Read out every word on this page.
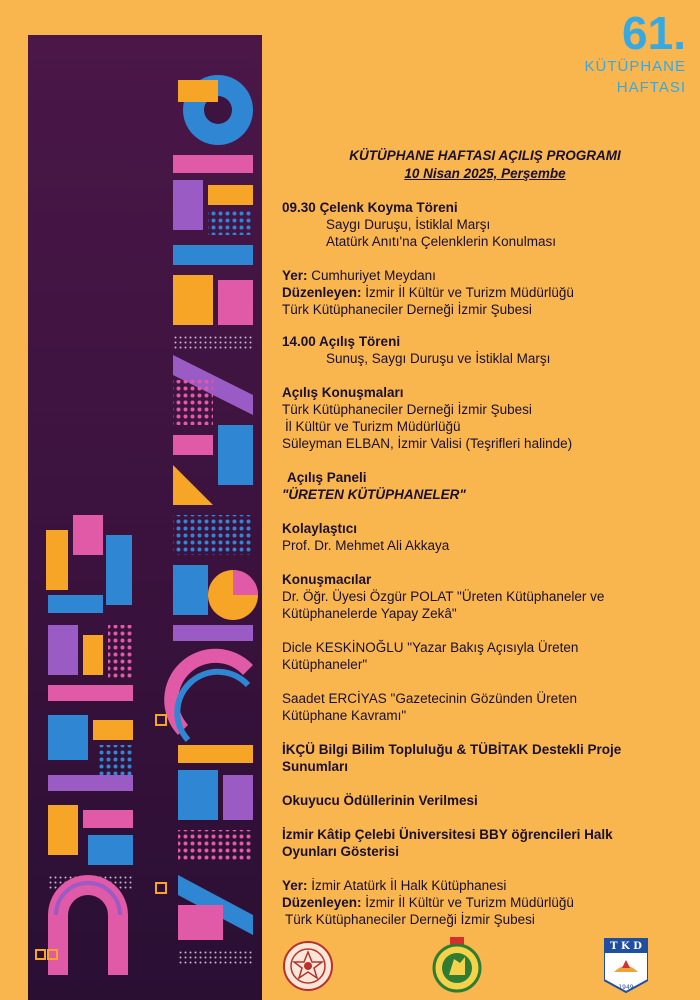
61.
KÜTÜPHANE
HAFTASI
KÜTÜPHANE HAFTASI AÇILIŞ PROGRAMI
10 Nisan 2025, Perşembe
09.30 Çelenk Koyma Töreni
Saygı Duruşu, İstiklal Marşı
Atatürk Anıtı'na Çelenklerin Konulması
Yer: Cumhuriyet Meydanı
Düzenleyen: İzmir İl Kültür ve Turizm Müdürlüğü
Türk Kütüphaneciler Derneği İzmir Şubesi
14.00 Açılış Töreni
Sunuş, Saygı Duruşu ve İstiklal Marşı
Açılış Konuşmaları
Türk Kütüphaneciler Derneği İzmir Şubesi
İl Kültür ve Turizm Müdürlüğü
Süleyman ELBAN, İzmir Valisi (Teşrifleri halinde)
Açılış Paneli
"ÜRETEN KÜTÜPHANELER"
Kolaylaştıcı
Prof. Dr. Mehmet Ali Akkaya
Konuşmacılar
Dr. Öğr. Üyesi Özgür POLAT "Üreten Kütüphaneler ve
Kütüphanelerde Yapay Zekâ"
Dicle KESKİNOĞLU "Yazar Bakış Açısıyla Üreten
Kütüphaneler"
Saadet ERCİYAS "Gazetecinin Gözünden Üreten
Kütüphane Kavramı"
İKÇÜ Bilgi Bilim Topluluğu & TÜBİTAK Destekli Proje
Sunumları
Okuyucu Ödüllerinin Verilmesi
İzmir Kâtip Çelebi Üniversitesi BBY öğrencileri Halk
Oyunları Gösterisi
Yer: İzmir Atatürk İl Halk Kütüphanesi
Düzenleyen: İzmir İl Kültür ve Turizm Müdürlüğü
Türk Kütüphaneciler Derneği İzmir Şubesi
T K D
1949
